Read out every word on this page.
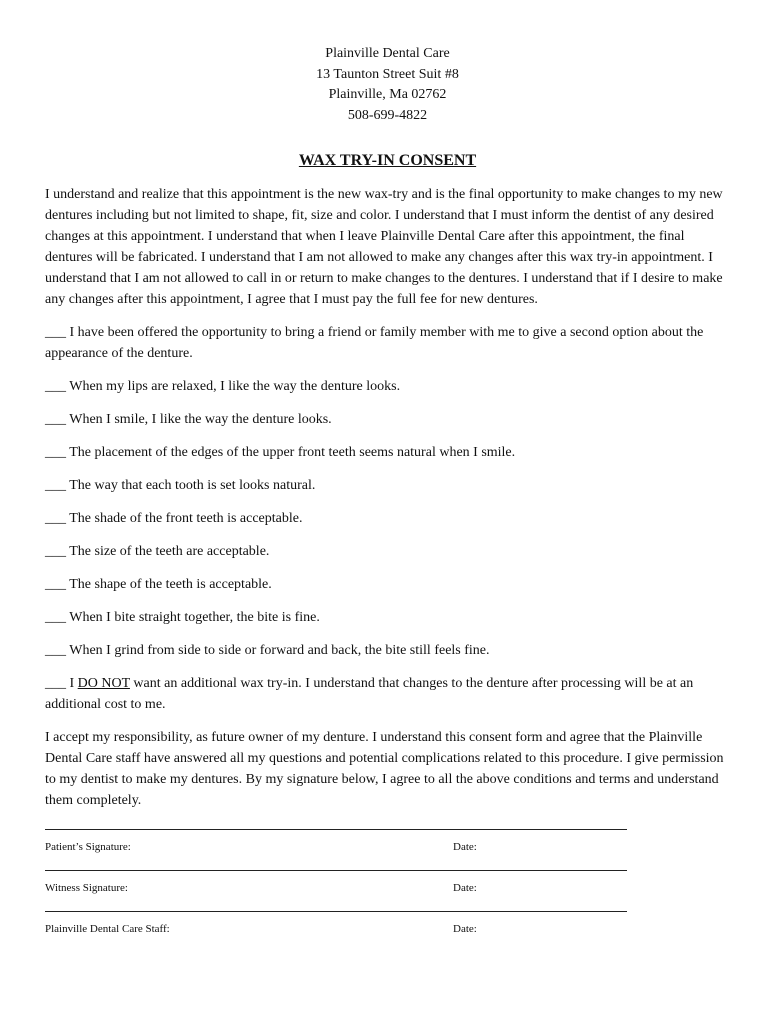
Plainville Dental Care
13 Taunton Street Suit #8
Plainville, Ma 02762
508-699-4822
WAX TRY-IN CONSENT

I understand and realize that this appointment is the new wax-try and is the final opportunity to make changes to my new dentures including but not limited to shape, fit, size and color. I understand that I must inform the dentist of any desired changes at this appointment. I understand that when I leave Plainville Dental Care after this appointment, the final dentures will be fabricated. I understand that I am not allowed to make any changes after this wax try-in appointment. I understand that I am not allowed to call in or return to make changes to the dentures. I understand that if I desire to make any changes after this appointment, I agree that I must pay the full fee for new dentures.

___ I have been offered the opportunity to bring a friend or family member with me to give a second option about the appearance of the denture.

___ When my lips are relaxed, I like the way the denture looks.

___ When I smile, I like the way the denture looks.

___ The placement of the edges of the upper front teeth seems natural when I smile.

___ The way that each tooth is set looks natural.

___ The shade of the front teeth is acceptable.

___ The size of the teeth are acceptable.

___ The shape of the teeth is acceptable.

___ When I bite straight together, the bite is fine.

___ When I grind from side to side or forward and back, the bite still feels fine.

___ I DO NOT want an additional wax try-in. I understand that changes to the denture after processing will be at an additional cost to me.

I accept my responsibility, as future owner of my denture. I understand this consent form and agree that the Plainville Dental Care staff have answered all my questions and potential complications related to this procedure. I give permission to my dentist to make my dentures. By my signature below, I agree to all the above conditions and terms and understand them completely.

Patient’s Signature:	Date:
Witness Signature:	Date:
Plainville Dental Care Staff:	Date:
